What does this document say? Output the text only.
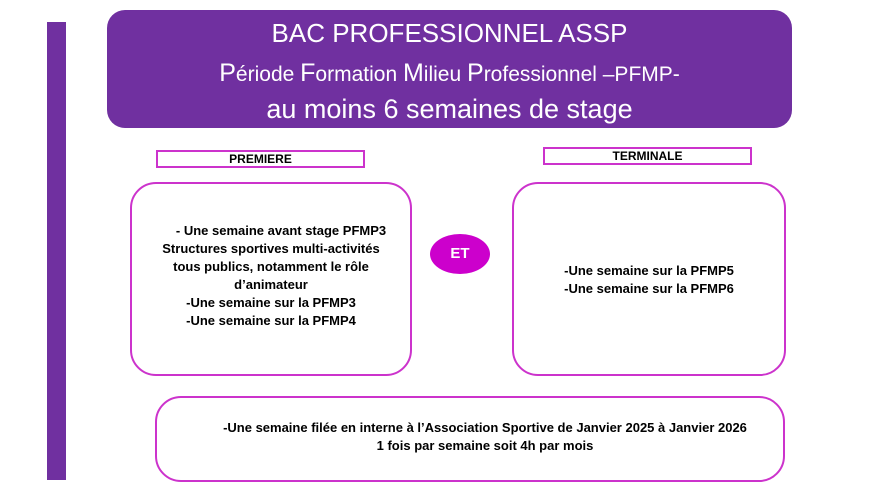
BAC PROFESSIONNEL ASSP
Période Formation Milieu Professionnel –PFMP-
au moins 6 semaines de stage
PREMIERE	TERMINALE
- Une semaine avant stage PFMP3
Structures sportives multi-activités
tous publics, notamment le rôle
d’animateur
-Une semaine sur la PFMP3
-Une semaine sur la PFMP4
ET
-Une semaine sur la PFMP5
-Une semaine sur la PFMP6
-Une semaine filée en interne à l’Association Sportive de Janvier 2025 à Janvier 2026
1 fois par semaine soit 4h par mois
